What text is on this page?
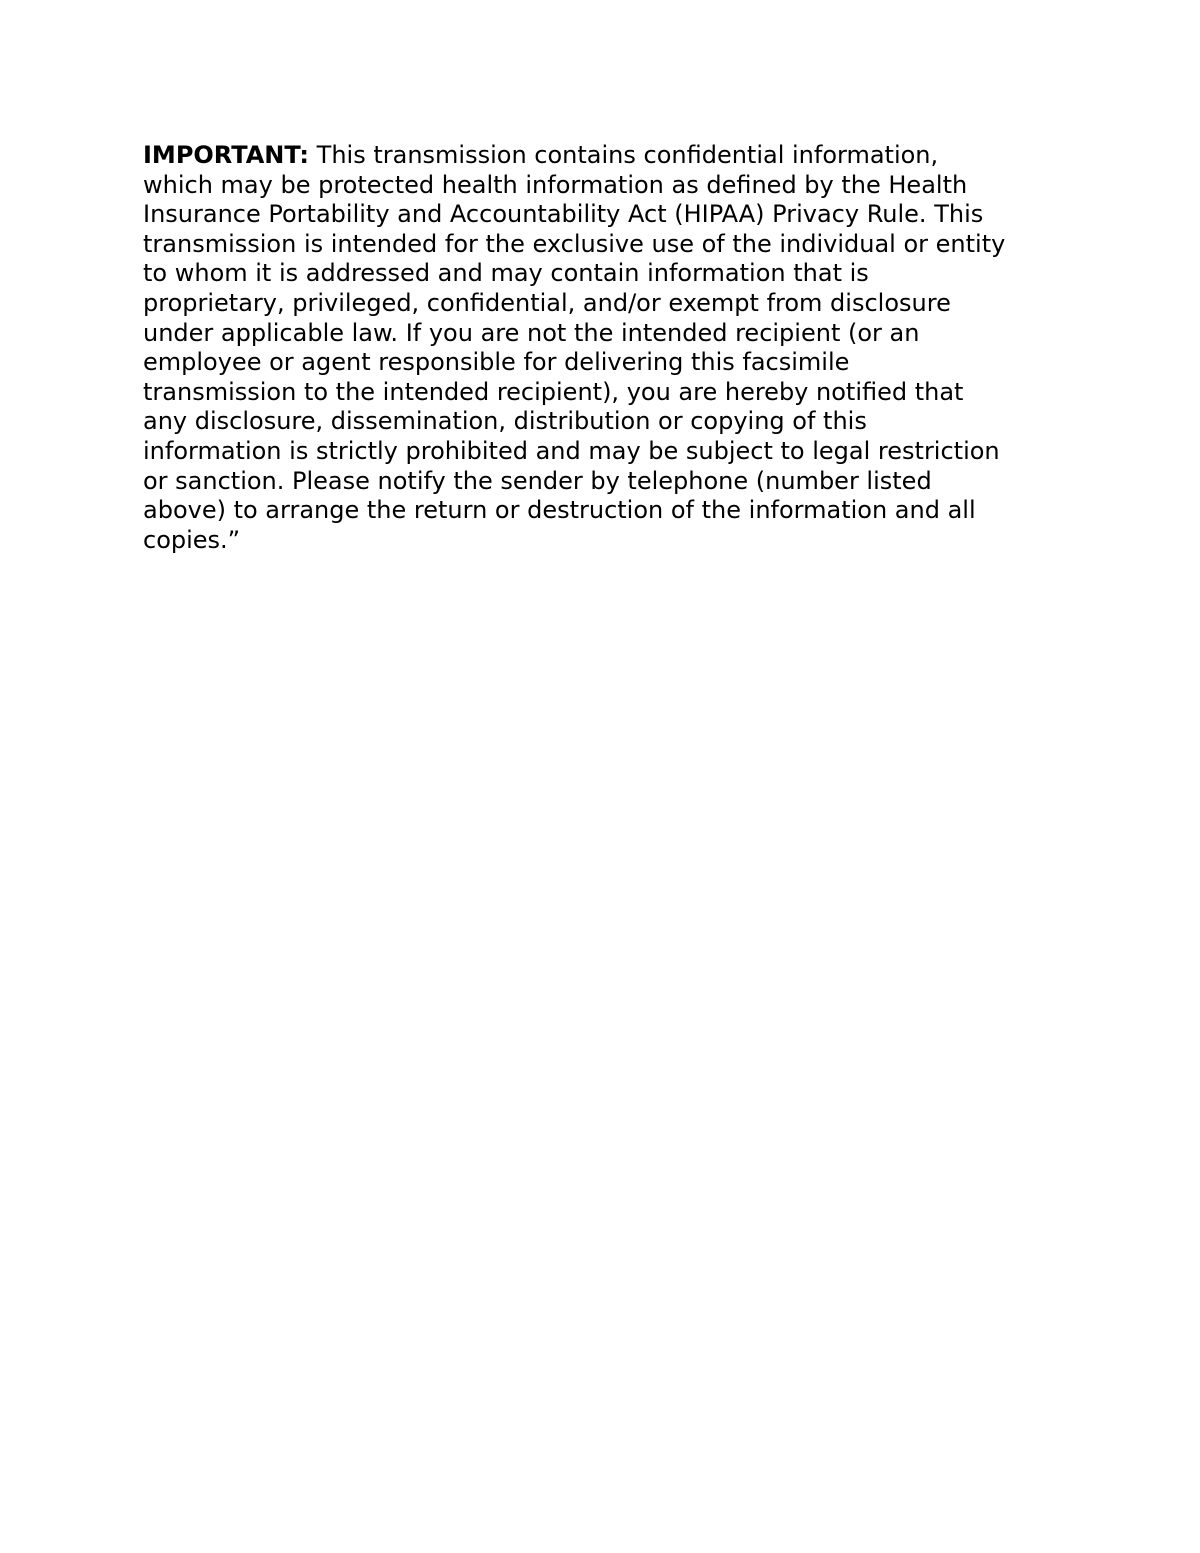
IMPORTANT: This transmission contains confidential information,
which may be protected health information as defined by the Health
Insurance Portability and Accountability Act (HIPAA) Privacy Rule. This
transmission is intended for the exclusive use of the individual or entity
to whom it is addressed and may contain information that is
proprietary, privileged, confidential, and/or exempt from disclosure
under applicable law. If you are not the intended recipient (or an
employee or agent responsible for delivering this facsimile
transmission to the intended recipient), you are hereby notified that
any disclosure, dissemination, distribution or copying of this
information is strictly prohibited and may be subject to legal restriction
or sanction. Please notify the sender by telephone (number listed
above) to arrange the return or destruction of the information and all
copies.”
